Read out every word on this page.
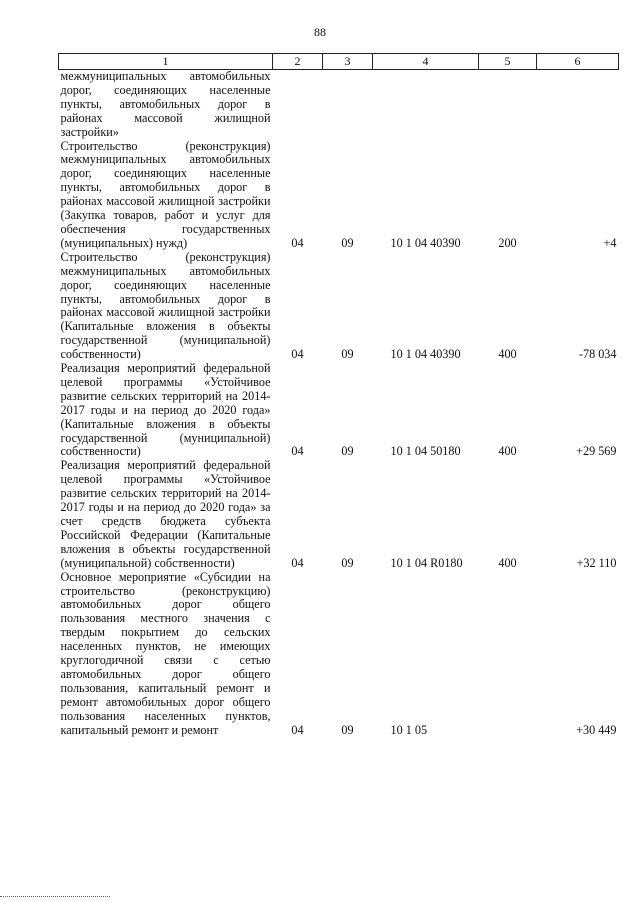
88
1	2	3	4	5	6
межмуниципальных автомобильных дорог, соединяющих населенные пункты, автомобильных дорог в районах массовой жилищной застройки»					
Строительство (реконструкция) межмуниципальных автомобильных дорог, соединяющих населенные пункты, автомобильных дорог в районах массовой жилищной застройки (Закупка товаров, работ и услуг для обеспечения государственных (муниципальных) нужд)	04	09	10 1 04 40390	200	+4
Строительство (реконструкция) межмуниципальных автомобильных дорог, соединяющих населенные пункты, автомобильных дорог в районах массовой жилищной застройки (Капитальные вложения в объекты государственной (муниципальной) собственности)	04	09	10 1 04 40390	400	-78 034
Реализация мероприятий федеральной целевой программы «Устойчивое развитие сельских территорий на 2014-2017 годы и на период до 2020 года» (Капитальные вложения в объекты государственной (муниципальной) собственности)	04	09	10 1 04 50180	400	+29 569
Реализация мероприятий федеральной целевой программы «Устойчивое развитие сельских территорий на 2014-2017 годы и на период до 2020 года» за счет средств бюджета субъекта Российской Федерации (Капитальные вложения в объекты государственной (муниципальной) собственности)	04	09	10 1 04 R0180	400	+32 110
Основное мероприятие «Субсидии на строительство (реконструкцию) автомобильных дорог общего пользования местного значения с твердым покрытием до сельских населенных пунктов, не имеющих круглогодичной связи с сетью автомобильных дорог общего пользования, капитальный ремонт и ремонт автомобильных дорог общего пользования населенных пунктов, капитальный ремонт и ремонт	04	09	10 1 05		+30 449
